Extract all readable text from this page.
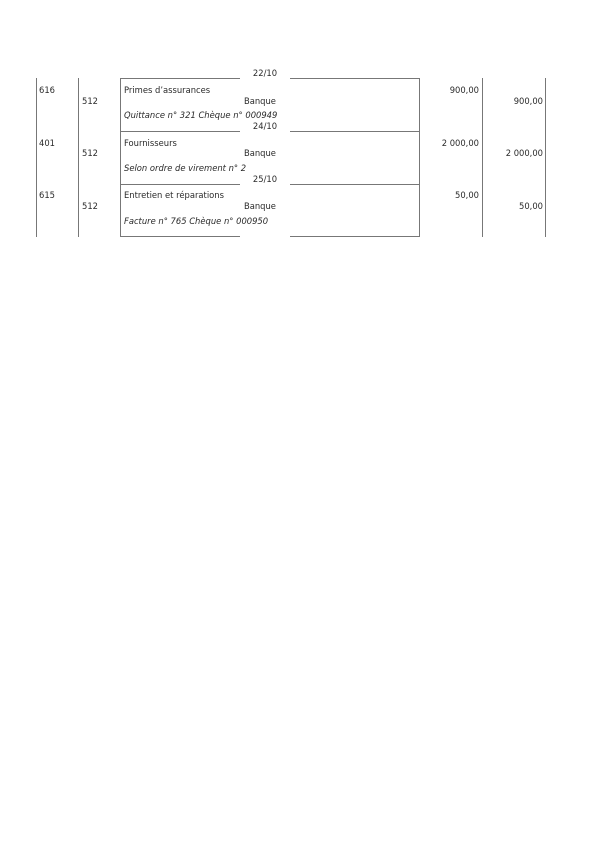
22/10
616
512
Primes d’assurances
Banque
Quittance n° 321 Chèque n° 000949
900,00
900,00
24/10
401
512
Fournisseurs
Banque
Selon ordre de virement n° 2
2 000,00
2 000,00
25/10
615
512
Entretien et réparations
Banque
Facture n° 765 Chèque n° 000950
50,00
50,00
